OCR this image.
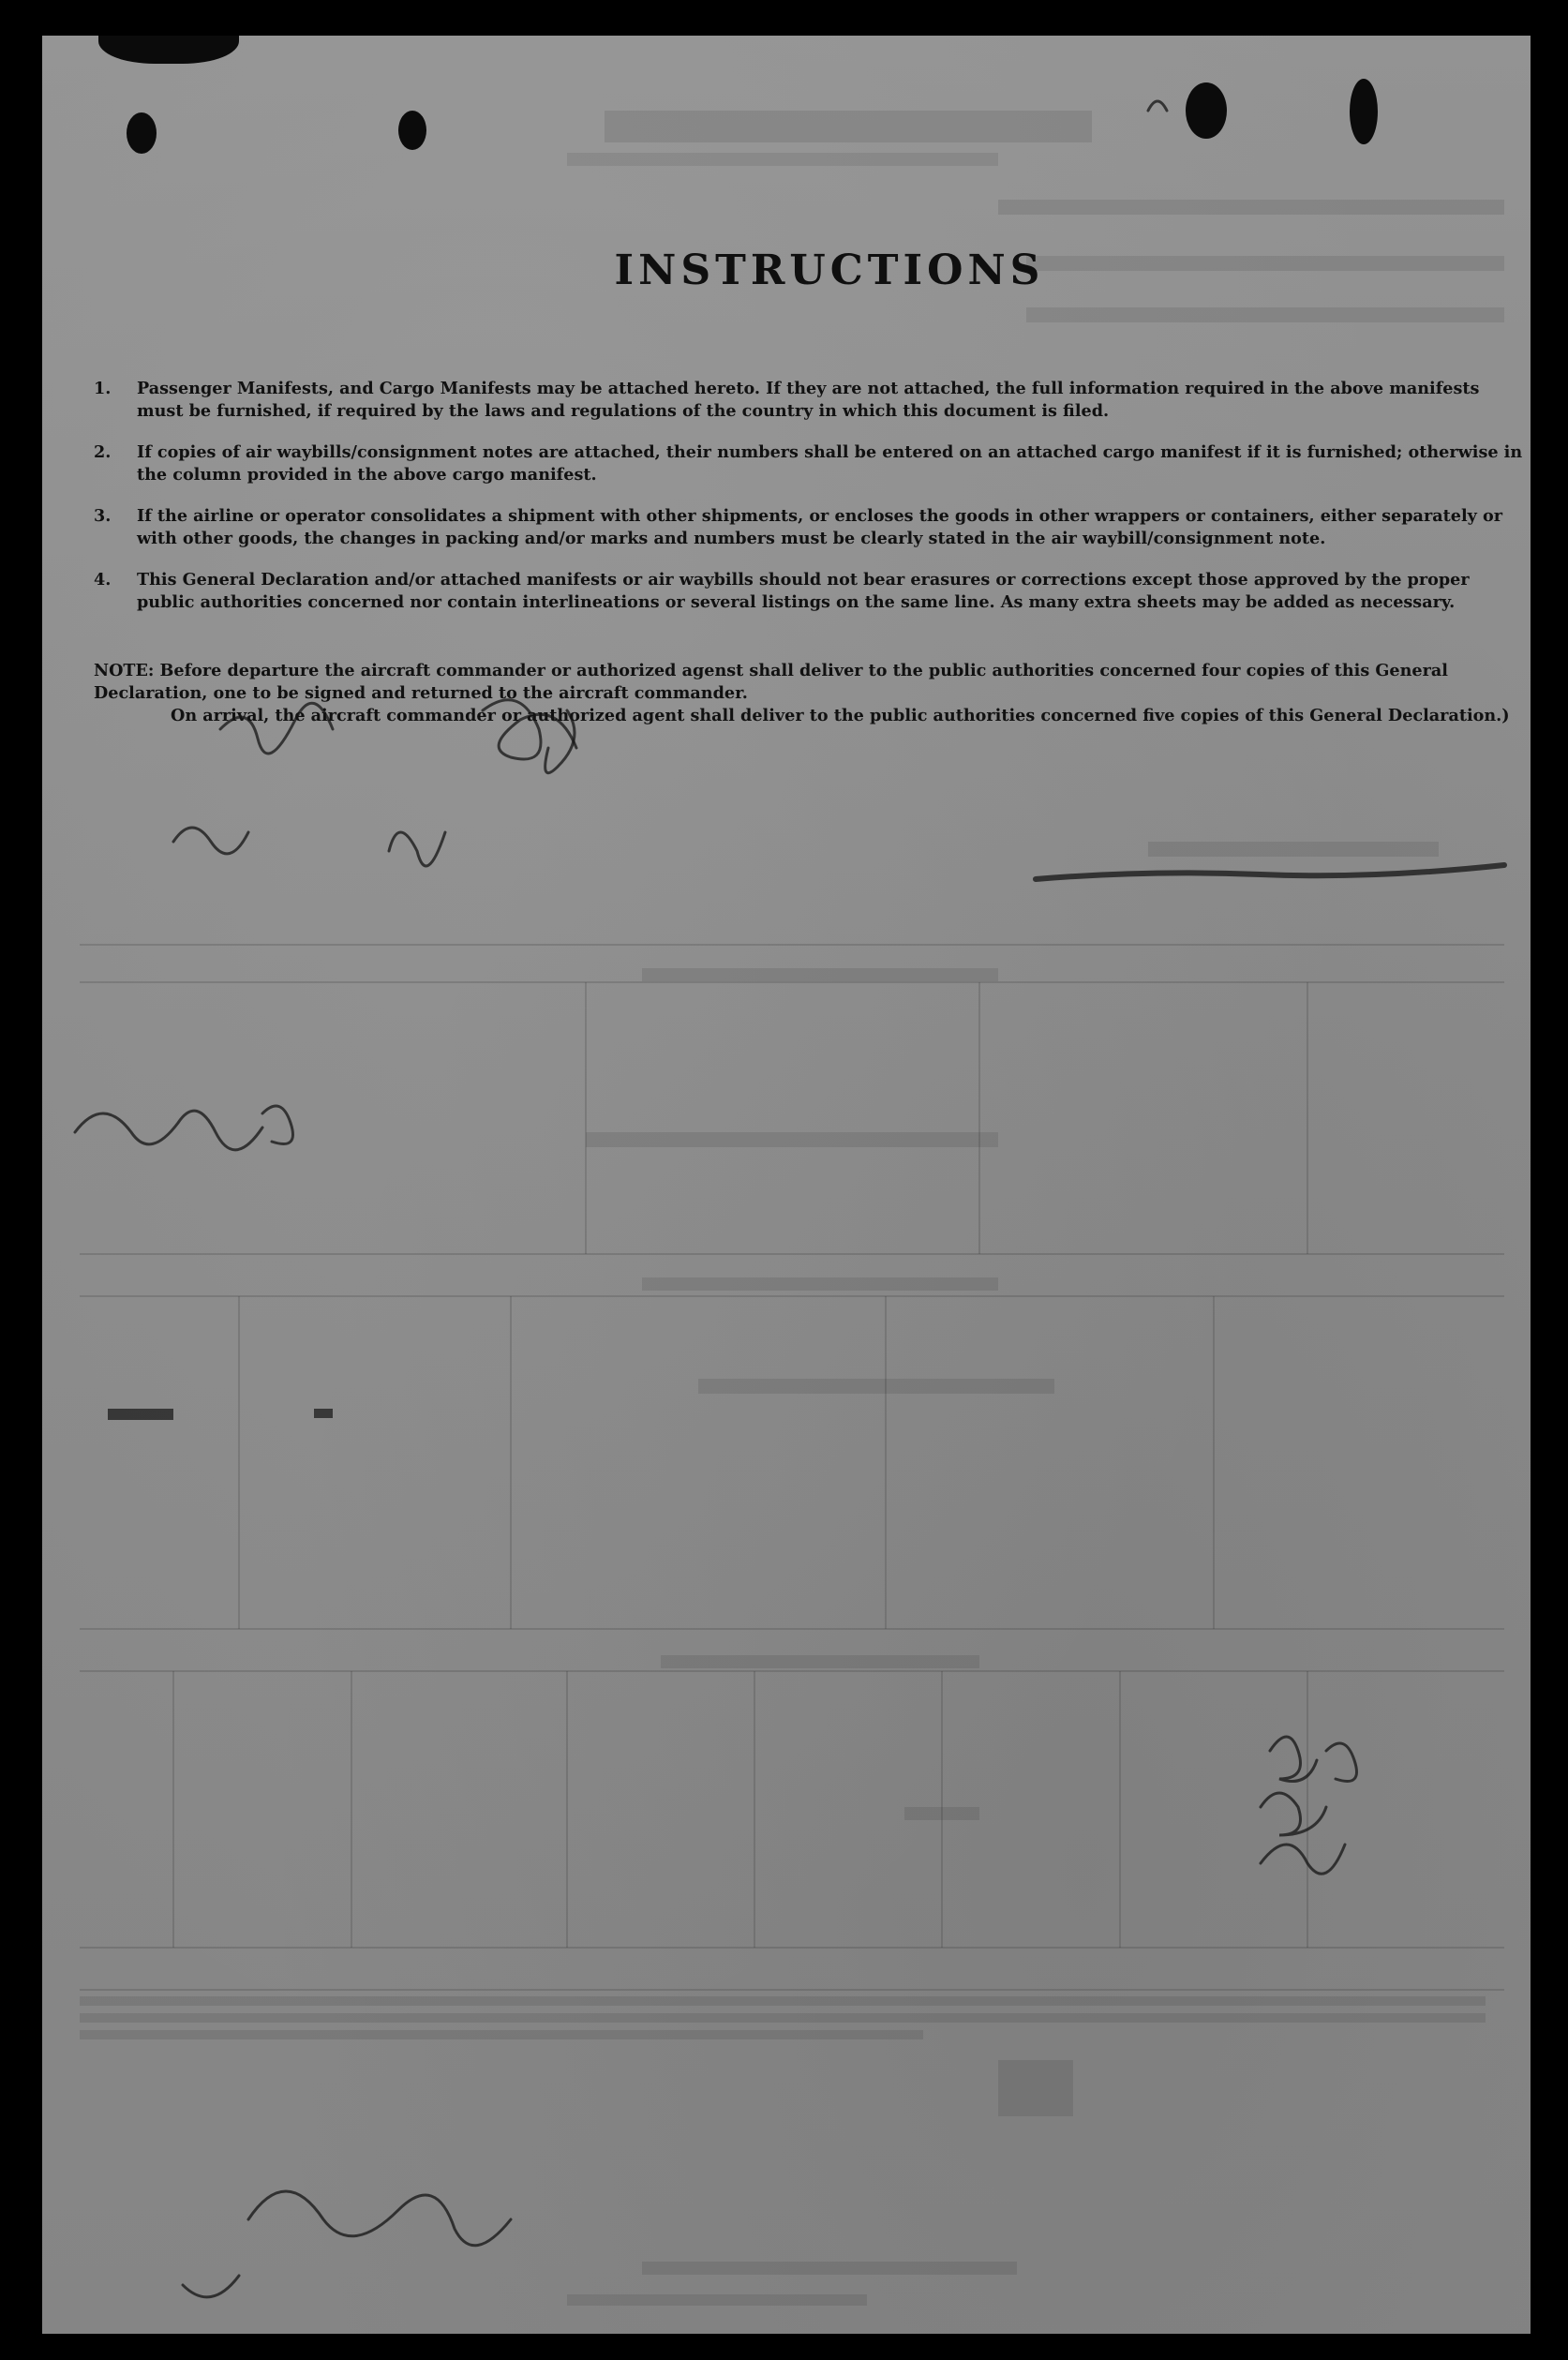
INSTRUCTIONS
1. Passenger Manifests, and Cargo Manifests may be attached hereto. If they are not attached, the full information required in the above manifests must be furnished, if required by the laws and regulations of the country in which this document is filed.
2. If copies of air waybills/consignment notes are attached, their numbers shall be entered on an attached cargo manifest if it is furnished; otherwise in the column provided in the above cargo manifest.
3. If the airline or operator consolidates a shipment with other shipments, or encloses the goods in other wrappers or containers, either separately or with other goods, the changes in packing and/or marks and numbers must be clearly stated in the air waybill/consignment note.
4. This General Declaration and/or attached manifests or air waybills should not bear erasures or corrections except those approved by the proper public authorities concerned nor contain interlineations or several listings on the same line. As many extra sheets may be added as necessary.

NOTE: Before departure the aircraft commander or authorized agenst shall deliver to the public authorities concerned four copies of this General Declaration, one to be signed and returned to the aircraft commander.

On arrival, the aircraft commander or authorized agent shall deliver to the public authorities concerned five copies of this General Declaration.)
